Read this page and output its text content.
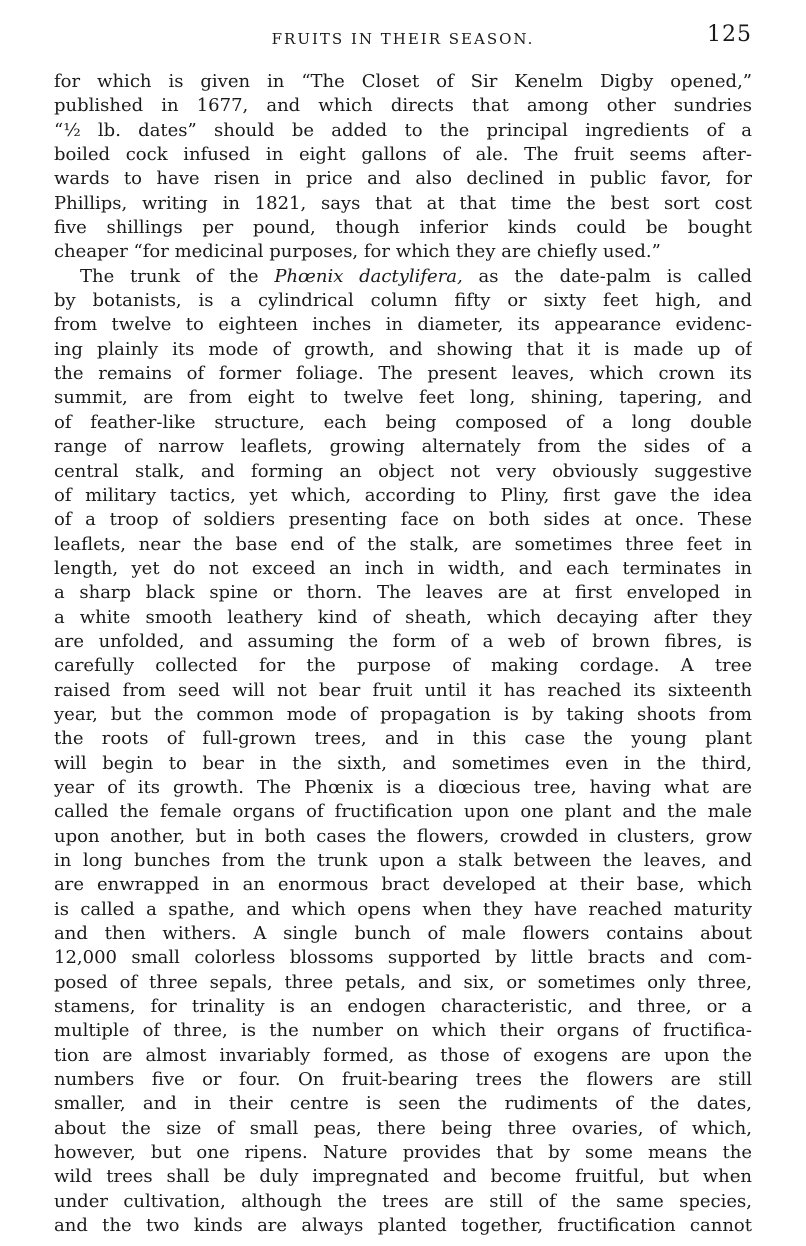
FRUITS IN THEIR SEASON.	125
for which is given in “The Closet of Sir Kenelm Digby opened,”
published in 1677, and which directs that among other sundries
“½ lb. dates” should be added to the principal ingredients of a
boiled cock infused in eight gallons of ale. The fruit seems after-
wards to have risen in price and also declined in public favor, for
Phillips, writing in 1821, says that at that time the best sort cost
five shillings per pound, though inferior kinds could be bought
cheaper “for medicinal purposes, for which they are chiefly used.”
The trunk of the Phœnix dactylifera, as the date-palm is called
by botanists, is a cylindrical column fifty or sixty feet high, and
from twelve to eighteen inches in diameter, its appearance evidenc-
ing plainly its mode of growth, and showing that it is made up of
the remains of former foliage. The present leaves, which crown its
summit, are from eight to twelve feet long, shining, tapering, and
of feather-like structure, each being composed of a long double
range of narrow leaflets, growing alternately from the sides of a
central stalk, and forming an object not very obviously suggestive
of military tactics, yet which, according to Pliny, first gave the idea
of a troop of soldiers presenting face on both sides at once. These
leaflets, near the base end of the stalk, are sometimes three feet in
length, yet do not exceed an inch in width, and each terminates in
a sharp black spine or thorn. The leaves are at first enveloped in
a white smooth leathery kind of sheath, which decaying after they
are unfolded, and assuming the form of a web of brown fibres, is
carefully collected for the purpose of making cordage. A tree
raised from seed will not bear fruit until it has reached its sixteenth
year, but the common mode of propagation is by taking shoots from
the roots of full-grown trees, and in this case the young plant
will begin to bear in the sixth, and sometimes even in the third,
year of its growth. The Phœnix is a diœcious tree, having what are
called the female organs of fructification upon one plant and the male
upon another, but in both cases the flowers, crowded in clusters, grow
in long bunches from the trunk upon a stalk between the leaves, and
are enwrapped in an enormous bract developed at their base, which
is called a spathe, and which opens when they have reached maturity
and then withers. A single bunch of male flowers contains about
12,000 small colorless blossoms supported by little bracts and com-
posed of three sepals, three petals, and six, or sometimes only three,
stamens, for trinality is an endogen characteristic, and three, or a
multiple of three, is the number on which their organs of fructifica-
tion are almost invariably formed, as those of exogens are upon the
numbers five or four. On fruit-bearing trees the flowers are still
smaller, and in their centre is seen the rudiments of the dates,
about the size of small peas, there being three ovaries, of which,
however, but one ripens. Nature provides that by some means the
wild trees shall be duly impregnated and become fruitful, but when
under cultivation, although the trees are still of the same species,
and the two kinds are always planted together, fructification cannot
